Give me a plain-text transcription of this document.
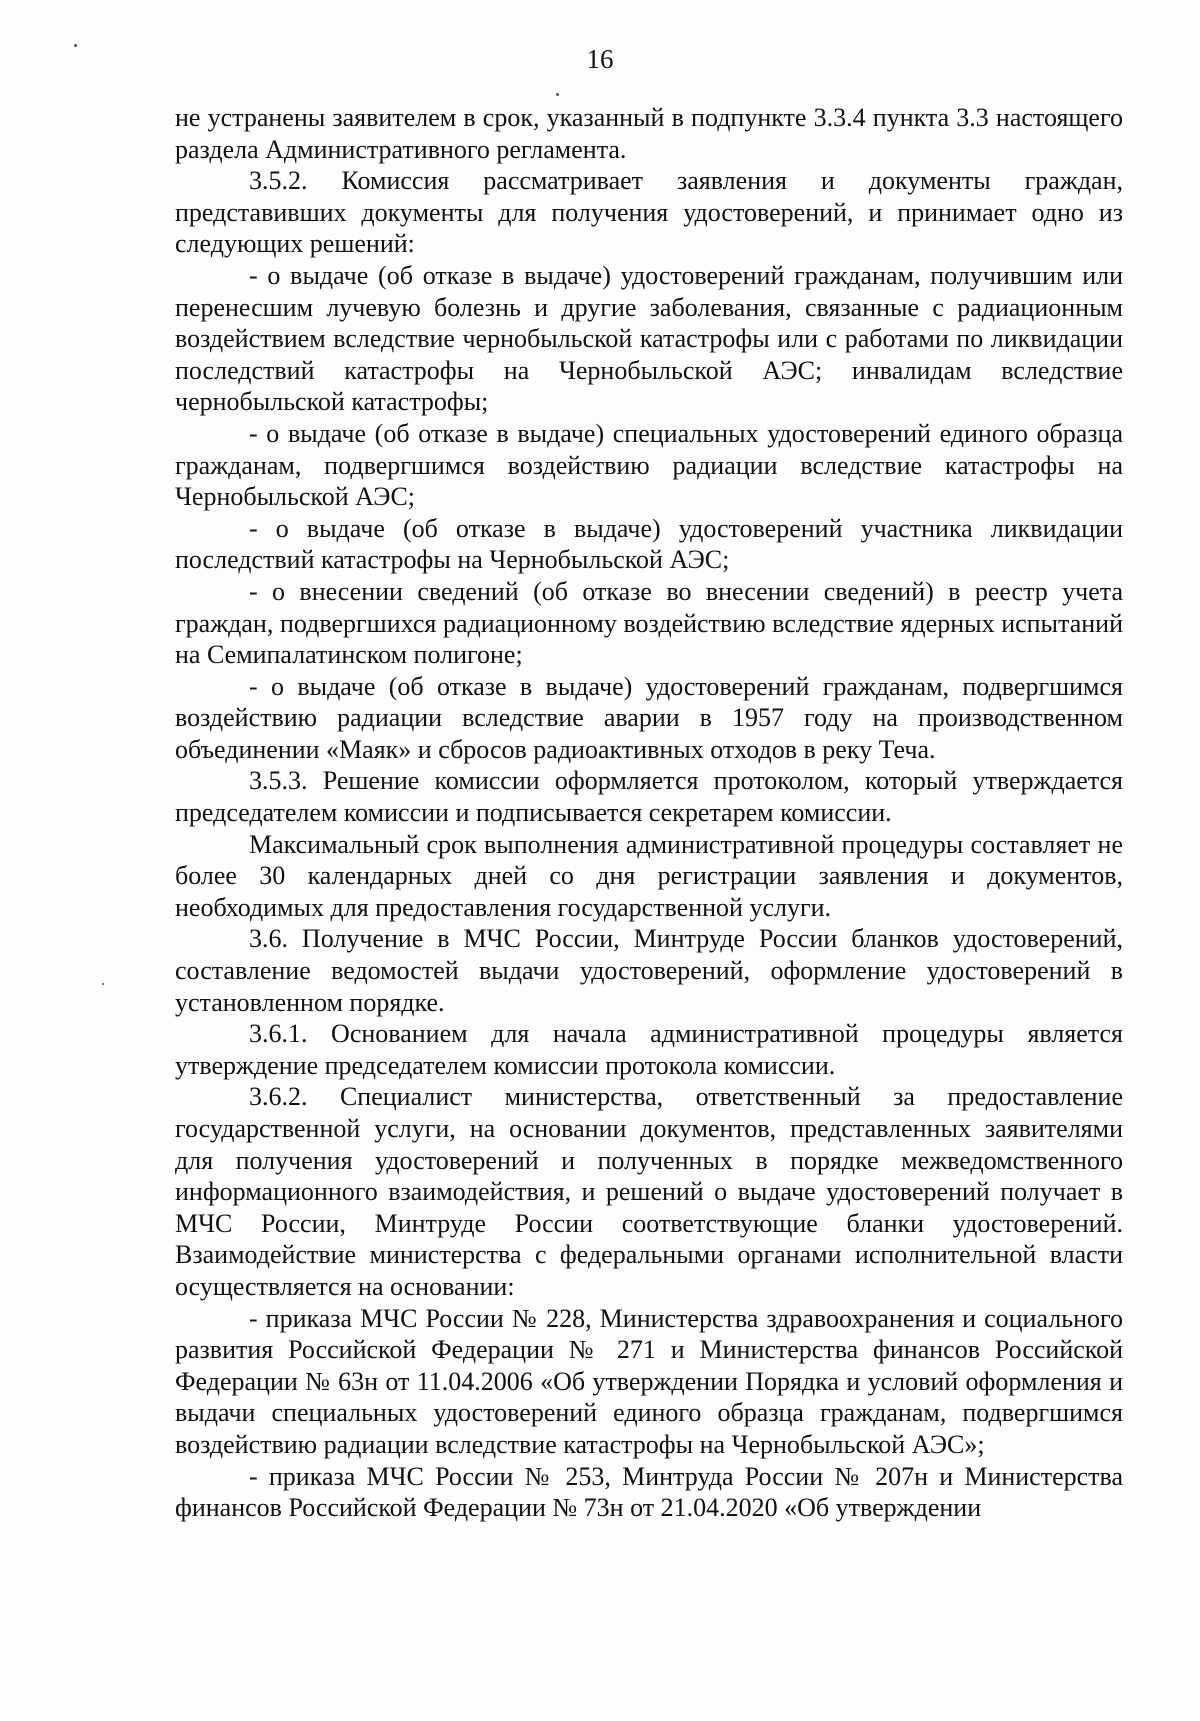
16

не устранены заявителем в срок, указанный в подпункте 3.3.4 пункта 3.3 настоящего раздела Административного регламента.

3.5.2. Комиссия рассматривает заявления и документы граждан, представивших документы для получения удостоверений, и принимает одно из следующих решений:

- о выдаче (об отказе в выдаче) удостоверений гражданам, получившим или перенесшим лучевую болезнь и другие заболевания, связанные с радиационным воздействием вследствие чернобыльской катастрофы или с работами по ликвидации последствий катастрофы на Чернобыльской АЭС; инвалидам вследствие чернобыльской катастрофы;

- о выдаче (об отказе в выдаче) специальных удостоверений единого образца гражданам, подвергшимся воздействию радиации вследствие катастрофы на Чернобыльской АЭС;

- о выдаче (об отказе в выдаче) удостоверений участника ликвидации последствий катастрофы на Чернобыльской АЭС;

- о внесении сведений (об отказе во внесении сведений) в реестр учета граждан, подвергшихся радиационному воздействию вследствие ядерных испытаний на Семипалатинском полигоне;

- о выдаче (об отказе в выдаче) удостоверений гражданам, подвергшимся воздействию радиации вследствие аварии в 1957 году на производственном объединении «Маяк» и сбросов радиоактивных отходов в реку Теча.

3.5.3. Решение комиссии оформляется протоколом, который утверждается председателем комиссии и подписывается секретарем комиссии.

Максимальный срок выполнения административной процедуры составляет не более 30 календарных дней со дня регистрации заявления и документов, необходимых для предоставления государственной услуги.

3.6. Получение в МЧС России, Минтруде России бланков удостоверений, составление ведомостей выдачи удостоверений, оформление удостоверений в установленном порядке.

3.6.1. Основанием для начала административной процедуры является утверждение председателем комиссии протокола комиссии.

3.6.2. Специалист министерства, ответственный за предоставление государственной услуги, на основании документов, представленных заявителями для получения удостоверений и полученных в порядке межведомственного информационного взаимодействия, и решений о выдаче удостоверений получает в МЧС России, Минтруде России соответствующие бланки удостоверений. Взаимодействие министерства с федеральными органами исполнительной власти осуществляется на основании:

- приказа МЧС России № 228, Министерства здравоохранения и социального развития Российской Федерации № 271 и Министерства финансов Российской Федерации № 63н от 11.04.2006 «Об утверждении Порядка и условий оформления и выдачи специальных удостоверений единого образца гражданам, подвергшимся воздействию радиации вследствие катастрофы на Чернобыльской АЭС»;

- приказа МЧС России № 253, Минтруда России № 207н и Министерства финансов Российской Федерации № 73н от 21.04.2020 «Об утверждении
